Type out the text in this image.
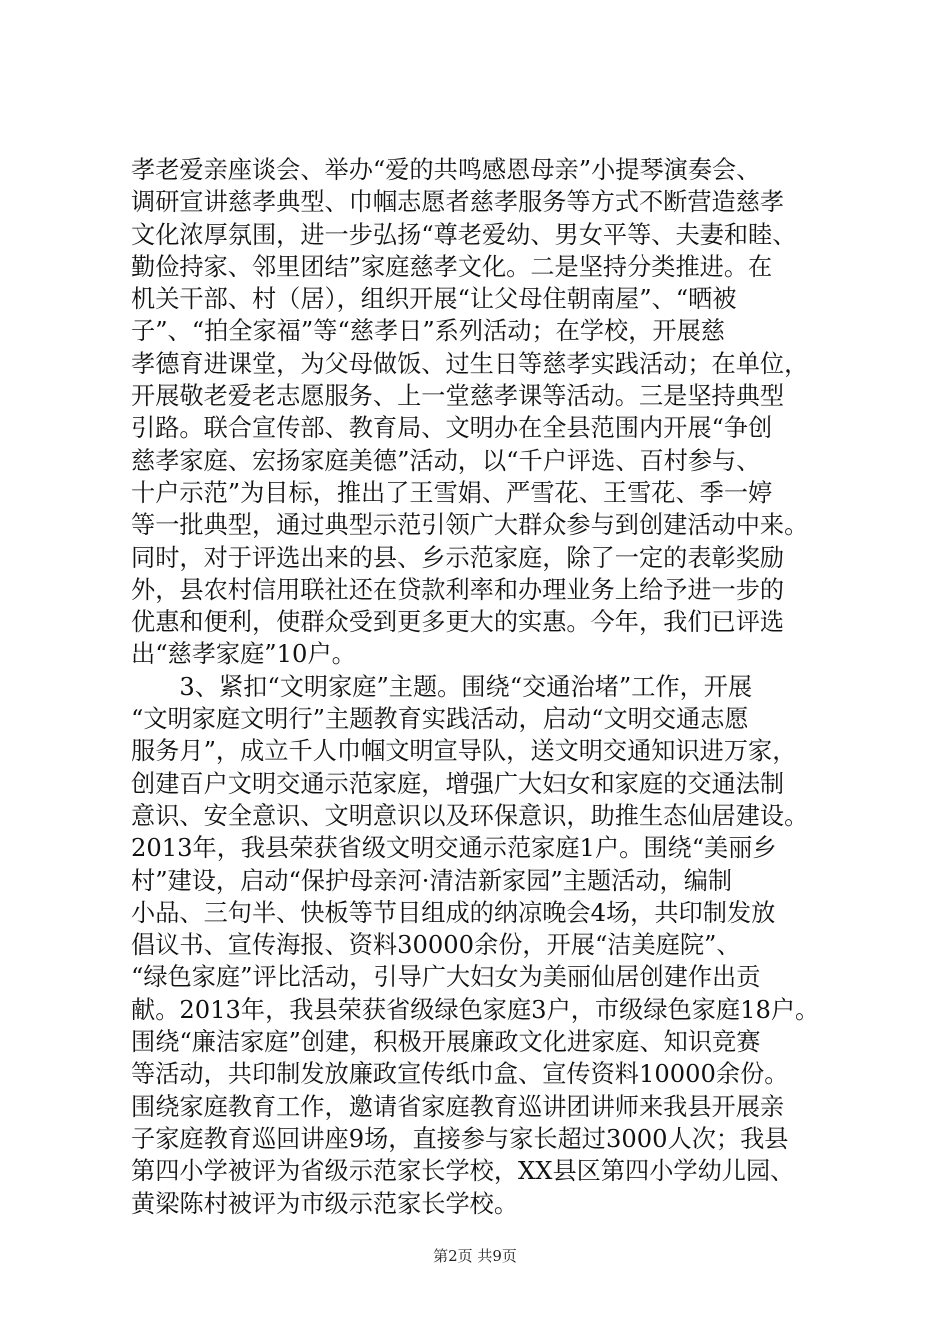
孝老爱亲座谈会、举办“爱的共鸣感恩母亲”小提琴演奏会、
调研宣讲慈孝典型、巾帼志愿者慈孝服务等方式不断营造慈孝
文化浓厚氛围，进一步弘扬“尊老爱幼、男女平等、夫妻和睦、
勤俭持家、邻里团结”家庭慈孝文化。二是坚持分类推进。在
机关干部、村（居），组织开展“让父母住朝南屋”、“晒被
子”、“拍全家福”等“慈孝日”系列活动；在学校，开展慈
孝德育进课堂，为父母做饭、过生日等慈孝实践活动；在单位，
开展敬老爱老志愿服务、上一堂慈孝课等活动。三是坚持典型
引路。联合宣传部、教育局、文明办在全县范围内开展“争创
慈孝家庭、宏扬家庭美德”活动，以“千户评选、百村参与、
十户示范”为目标，推出了王雪娟、严雪花、王雪花、季一婷
等一批典型，通过典型示范引领广大群众参与到创建活动中来。
同时，对于评选出来的县、乡示范家庭，除了一定的表彰奖励
外，县农村信用联社还在贷款利率和办理业务上给予进一步的
优惠和便利，使群众受到更多更大的实惠。今年，我们已评选
出“慈孝家庭”10户。
　　3、紧扣“文明家庭”主题。围绕“交通治堵”工作，开展
“文明家庭文明行”主题教育实践活动，启动“文明交通志愿
服务月”，成立千人巾帼文明宣导队，送文明交通知识进万家，
创建百户文明交通示范家庭，增强广大妇女和家庭的交通法制
意识、安全意识、文明意识以及环保意识，助推生态仙居建设。
2013年，我县荣获省级文明交通示范家庭1户。围绕“美丽乡
村”建设，启动“保护母亲河·清洁新家园”主题活动，编制
小品、三句半、快板等节目组成的纳凉晚会4场，共印制发放
倡议书、宣传海报、资料30000余份，开展“洁美庭院”、
“绿色家庭”评比活动，引导广大妇女为美丽仙居创建作出贡
献。2013年，我县荣获省级绿色家庭3户，市级绿色家庭18户。
围绕“廉洁家庭”创建，积极开展廉政文化进家庭、知识竞赛
等活动，共印制发放廉政宣传纸巾盒、宣传资料10000余份。
围绕家庭教育工作，邀请省家庭教育巡讲团讲师来我县开展亲
子家庭教育巡回讲座9场，直接参与家长超过3000人次；我县
第四小学被评为省级示范家长学校，XX县区第四小学幼儿园、
黄梁陈村被评为市级示范家长学校。
第2页 共9页
